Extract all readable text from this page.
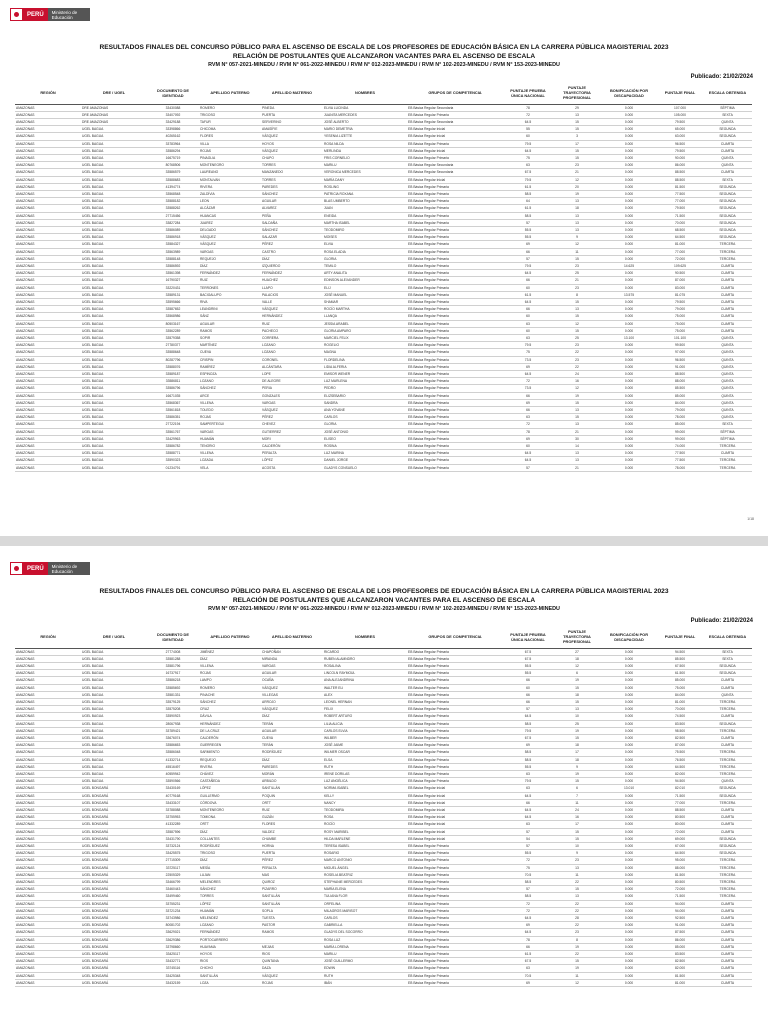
PERÚ	Ministerio de Educación
RESULTADOS FINALES DEL CONCURSO PÚBLICO PARA EL ASCENSO DE ESCALA DE LOS PROFESORES DE EDUCACIÓN BÁSICA EN LA CARRERA PÚBLICA MAGISTERIAL 2023
RELACIÓN DE POSTULANTES QUE ALCANZARON VACANTES PARA EL ASCENSO DE ESCALA
RVM N° 057-2021-MINEDU / RVM N° 061-2022-MINEDU / RVM N° 012-2023-MINEDU / RVM N° 102-2023-MINEDU / RVM N° 153-2023-MINEDU
Publicado: 21/02/2024
REGIÓN	DRE / UGEL	DOCUMENTO DE IDENTIDAD	APELLIDO PATERNO	APELLIDO MATERNO	NOMBRES	GRUPOS DE COMPETENCIA	PUNTAJE PRUEBA ÚNICA NACIONAL	PUNTAJE TRAYECTORIA PROFESIONAL	BONIFICACIÓN POR DISCAPACIDAD	PUNTAJE FINAL	ESCALA OBTENIDA
AMAZONAS	DRE AMAZONAS	33430088	ROMERO	PINEDA	ELVIA LUCINDA	EB Básica Regular Secundaria	78	29	0.000	107.000	SÉPTIMA
AMAZONAS	DRE AMAZONAS	33407092	TRIGOSO	PUERTA	JUANITA MERCEDES	EB Básica Regular Primaria	72	13	0.000	105.000	SEXTA
AMAZONAS	DRE AMAZONAS	33429188	TAFUR	SERVERINO	JOSÉ ALBERTO	EB Básica Regular Secundaria	64.5	15	0.000	79.500	QUINTA
AMAZONAS	UGEL BAGUA	33398866	CHICOMA	AMASÍFIE	MARIO DEMETRIA	EB Básica Regular Inicial	55	15	0.000	65.000	SEGUNDA
AMAZONAS	UGEL BAGUA	40265162	FLORES	VÁSQUEZ	YESENIA LIZETTE	EB Básica Regular Inicial	60	3	0.000	63.000	SEGUNDA
AMAZONAS	UGEL BAGUA	33783964	VILLA	HOYOS	ROSA NILDA	EB Básica Regular Primaria	79.5	17	0.000	96.500	CUARTA
AMAZONAS	UGEL BAGUA	33586294	ROJAS	VÁSQUEZ	MERLINDA	EB Básica Regular Inicial	64.5	15	0.000	79.500	CUARTA
AMAZONAS	UGEL BAGUA	16675719	PINAGLIA	CHUPO	FRIS CORNELIO	EB Básica Regular Primaria	75	15	0.000	90.000	QUINTA
AMAZONAS	UGEL BAGUA	80768506	MONTENEGRO	TORRES	MARILU	EB Básica Regular Secundaria	63	23	0.000	86.000	QUINTA
AMAZONAS	UGEL BAGUA	33586579	LAUREANO	MANZANEDO	VERONICA MERCEDES	EB Básica Regular Secundaria	67.5	21	0.000	88.500	CUARTA
AMAZONAS	UGEL BAGUA	33588683	MONTALVAN	TORRES	MARÍA DANY	EB Básica Regular Inicial	79.5	12	0.000	88.500	SEXTA
AMAZONAS	UGEL BAGUA	41394774	RIVERA	PAREDES	ROSLING	EB Básica Regular Primaria	61.5	20	0.000	81.500	SEGUNDA
AMAZONAS	UGEL BAGUA	33568548	ZALDÍVIA	SÁNCHEZ	PATRICIA ROXANA	EB Básica Regular Primaria	58.5	19	0.000	77.500	SEGUNDA
AMAZONAS	UGEL BAGUA	33588182	LEON	AGUILAR	BLAS UMBERTO	EB Básica Regular Primaria	64	13	0.000	77.000	SEGUNDA
AMAZONAS	UGEL BAGUA	33588262	ALCÁZAR	ALVAREZ	JUAN	EB Básica Regular Primaria	61.5	18	0.000	79.500	SEGUNDA
AMAZONAS	UGEL BAGUA	27715456	HUANCAS	PEÑA	ENEIDA	EB Básica Regular Primaria	58.5	13	0.000	71.500	SEGUNDA
AMAZONAS	UGEL BAGUA	33827284	JUAREZ	SALDAÑA	MARTHA ISABEL	EB Básica Regular Primaria	57	13	0.000	70.000	SEGUNDA
AMAZONAS	UGEL BAGUA	33586089	DELGADO	SÁNCHEZ	TEODOMIRO	EB Básica Regular Primaria	55.5	13	0.000	68.500	SEGUNDA
AMAZONAS	UGEL BAGUA	33586918	VÁSQUEZ	SALAZAR	MOISES	EB Básica Regular Primaria	55.5	9	0.000	64.500	SEGUNDA
AMAZONAS	UGEL BAGUA	33584327	VÁSQUEZ	PÉREZ	ELVIA	EB Básica Regular Primaria	69	12	0.000	81.000	TERCERA
AMAZONAS	UGEL BAGUA	33563989	VARGAS	CASTRO	ROSA ELADIA	EB Básica Regular Primaria	66	11	0.000	77.000	TERCERA
AMAZONAS	UGEL BAGUA	33588148	REQUEJO	DÍAZ	GLORIA	EB Básica Regular Primaria	57	15	0.000	72.000	TERCERA
AMAZONAS	UGEL BAGUA	33586592	DÍAZ	IZQUIERDO	TEMILO	EB Básica Regular Primaria	79.5	23	14.625	109.625	CUARTA
AMAZONAS	UGEL BAGUA	33561398	FERNÁNDEZ	FERNÁNDEZ	ARTY ANALITA	EB Básica Regular Primaria	64.5	25	0.000	90.500	CUARTA
AMAZONAS	UGEL BAGUA	16790327	RUIZ	HUACHEZ	EDINSON ALEXANDER	EB Básica Regular Primaria	66	21	0.000	87.000	CUARTA
AMAZONAS	UGEL BAGUA	33220431	TERRONES	LLAPO	ELIJ	EB Básica Regular Primaria	60	23	0.000	83.000	CUARTA
AMAZONAS	UGEL BAGUA	33589131	BACIGALUPO	PALACIOS	JOSÉ MANUEL	EB Básica Regular Primaria	61.5	8	13.575	81.075	CUARTA
AMAZONAS	UGEL BAGUA	33595666	RIVA	VALLE	SHAMAR	EB Básica Regular Primaria	64.5	15	0.000	79.500	CUARTA
AMAZONAS	UGEL BAGUA	33587652	LEANDRINI	VÁSQUEZ	ROCÍO MARTHA	EB Básica Regular Primaria	66	13	0.000	79.000	CUARTA
AMAZONAS	UGEL BAGUA	33568986	SÁNZ	HERNÁNDEZ	LLANQA	EB Básica Regular Primaria	60	15	0.000	75.000	CUARTA
AMAZONAS	UGEL BAGUA	80503167	AGUILAR	RUIZ	JESSIA ARABEL	EB Básica Regular Primaria	63	12	0.000	75.000	CUARTA
AMAZONAS	UGEL BAGUA	33562289	RAMOS	PACHECO	GLORIA AMPARO	EB Básica Regular Primaria	60	15	0.000	75.000	CUARTA
AMAZONAS	UGEL BAGUA	33579358	SOPIR	CORRERA	MARCIEL FELIX	EB Básica Regular Primaria	63	25	13.100	101.100	QUINTA
AMAZONAS	UGEL BAGUA	27780377	MARTÍNEZ	LOZANO	ROGELIO	EB Básica Regular Primaria	79.5	23	0.000	99.500	QUINTA
AMAZONAS	UGEL BAGUA	33588648	CUEVA	LOZANO	MAGNA	EB Básica Regular Primaria	75	22	0.000	97.000	QUINTA
AMAZONAS	UGEL BAGUA	80287796	CRISPIN	CORONEL	FLORDELINA	EB Básica Regular Primaria	73.5	23	0.000	96.500	QUINTA
AMAZONAS	UGEL BAGUA	33588076	RAMÍREZ	ALCÁNTARA	LIDIA ALFERIA	EB Básica Regular Primaria	69	22	0.000	91.000	QUINTA
AMAZONAS	UGEL BAGUA	33589187	ESPINOZA	LOPE	EMISOR WENER	EB Básica Regular Primaria	64.5	24	0.000	88.500	QUINTA
AMAZONAS	UGEL BAGUA	33586811	LOZANO	DE ALEGRE	LUZ MARLENA	EB Básica Regular Primaria	72	16	0.000	88.000	QUINTA
AMAZONAS	UGEL BAGUA	33586796	SÁNCHEZ	PERIA	PEDRO	EB Básica Regular Primaria	73.5	12	0.000	85.500	QUINTA
AMAZONAS	UGEL BAGUA	16671035	ARCE	GONZALES	ELIZSEBARIO	EB Básica Regular Primaria	66	19	0.000	85.000	QUINTA
AMAZONAS	UGEL BAGUA	33568367	VILLENA	VARGAS	SANDRA	EB Básica Regular Primaria	69	15	0.000	84.000	QUINTA
AMAZONAS	UGEL BAGUA	33561818	TOLEDO	VÁSQUEZ	ANA YOVANE	EB Básica Regular Primaria	66	13	0.000	79.000	QUINTA
AMAZONAS	UGEL BAGUA	33586351	ROJAS	PÉREZ	CARLOS	EB Básica Regular Primaria	63	15	0.000	78.000	QUINTA
AMAZONAS	UGEL BAGUA	27722194	SAMPERTEGUI	CHEVEZ	GLORIA	EB Básica Regular Primaria	72	13	0.000	85.000	SEXTA
AMAZONAS	UGEL BAGUA	33561767	VARGAS	GUTIERREZ	JOSÉ ANTONIO	EB Básica Regular Primaria	78	21	0.000	99.000	SÉPTIMA
AMAZONAS	UGEL BAGUA	33429963	HUAMÁN	MORI	ELISEO	EB Básica Regular Primaria	69	30	0.000	99.000	SÉPTIMA
AMAZONAS	UGEL BAGUA	33586782	TENORIO	CALDERÓN	ROSINA	EB Básica Regular Primaria	60	14	0.000	74.000	TERCERA
AMAZONAS	UGEL BAGUA	33588771	VILLENA	PERALTA	LUZ MARINA	EB Básica Regular Primaria	64.5	13	0.000	77.500	CUARTA
AMAZONAS	UGEL BAGUA	33590323	LOZADA	LÓPEZ	DANIEL JORGE	EB Básica Regular Primaria	64.5	13	0.000	77.500	TERCERA
AMAZONAS	UGEL BAGUA	01234791	VELA	ACOSTA	GLADYS CONSUELO	EB Básica Regular Primaria	57	21	0.000	78.000	TERCERA
1/18
PERÚ	Ministerio de Educación
RESULTADOS FINALES DEL CONCURSO PÚBLICO PARA EL ASCENSO DE ESCALA DE LOS PROFESORES DE EDUCACIÓN BÁSICA EN LA CARRERA PÚBLICA MAGISTERIAL 2023
RELACIÓN DE POSTULANTES QUE ALCANZARON VACANTES PARA EL ASCENSO DE ESCALA
RVM N° 057-2021-MINEDU / RVM N° 061-2022-MINEDU / RVM N° 012-2023-MINEDU / RVM N° 102-2023-MINEDU / RVM N° 153-2023-MINEDU
Publicado: 21/02/2024
REGIÓN	DRE / UGEL	DOCUMENTO DE IDENTIDAD	APELLIDO PATERNO	APELLIDO MATERNO	NOMBRES	GRUPOS DE COMPETENCIA	PUNTAJE PRUEBA ÚNICA NACIONAL	PUNTAJE TRAYECTORIA PROFESIONAL	BONIFICACIÓN POR DISCAPACIDAD	PUNTAJE FINAL	ESCALA OBTENIDA
AMAZONAS	UGEL BAGUA	27774008	JIMÉNEZ	CHAPOÑAN	RICARDO	EB Básica Regular Primaria	67.5	27	0.000	94.500	SEXTA
AMAZONAS	UGEL BAGUA	33581288	DÍAZ	MIRANDA	RUBEN ALAMNDRO	EB Básica Regular Primaria	67.5	18	0.000	85.500	SEXTA
AMAZONAS	UGEL BAGUA	33581796	VILLENA	VARGAS	ROSALINA	EB Básica Regular Primaria	55.5	12	0.000	67.500	SEGUNDA
AMAZONAS	UGEL BAGUA	16737917	ROJAS	AGUILAR	LINCOLN RAYMOUL	EB Básica Regular Primaria	55.5	6	0.000	61.500	SEGUNDA
AMAZONAS	UGEL BAGUA	33586218	LAMPO	OCAÑA	ANA ALEJANDRINA	EB Básica Regular Primaria	66	19	0.000	85.000	CUARTA
AMAZONAS	UGEL BAGUA	33585692	ROMERO	VÁSQUEZ	WALTER ELI	EB Básica Regular Primaria	60	15	0.000	75.000	CUARTA
AMAZONAS	UGEL BAGUA	33581331	PINACHE	VILLEGAS	ALEX	EB Básica Regular Primaria	66	18	0.000	84.000	QUINTA
AMAZONAS	UGEL BAGUA	33579125	SÁNCHEZ	ARROJO	LEONEL HERNAN	EB Básica Regular Primaria	66	15	0.000	81.000	TERCERA
AMAZONAS	UGEL BAGUA	33575208	CRUZ	VÁSQUEZ	FELIX	EB Básica Regular Primaria	57	13	0.000	70.000	TERCERA
AMAZONAS	UGEL BAGUA	33590923	DÁVILA	DÍAZ	ROBERT ARTURO	EB Básica Regular Primaria	64.5	10	0.000	74.500	CUARTA
AMAZONAS	UGEL BAGUA	28067938	HERNÁNDEZ	TERÁN	LILIA ALICIA	EB Básica Regular Primaria	58.5	25	0.000	83.500	SEGUNDA
AMAZONAS	UGEL BAGUA	33789421	DE LA CRUZ	AGUILAR	CARLOS ELVIA	EB Básica Regular Primaria	79.5	19	0.000	98.500	TERCERA
AMAZONAS	UGEL BAGUA	33676074	CALDERÓN	CUEVA	WILBER	EB Básica Regular Primaria	67.5	15	0.000	82.500	CUARTA
AMAZONAS	UGEL BAGUA	33586653	GUERREGEN	TERÁN	JOSÉ JAIME	EB Básica Regular Primaria	69	18	0.000	87.000	CUARTA
AMAZONAS	UGEL BAGUA	33586048	SARMIENTO	RODRÍGUEZ	WILMER OSCAR	EB Básica Regular Primaria	58.5	17	0.000	75.500	TERCERA
AMAZONAS	UGEL BAGUA	41332714	REQUEJO	DÍAZ	ELSA	EB Básica Regular Primaria	58.5	18	0.000	76.500	TERCERA
AMAZONAS	UGEL BAGUA	45516497	RIVERA	PAREDES	RUTH	EB Básica Regular Primaria	55.5	9	0.000	64.500	TERCERA
AMAZONAS	UGEL BAGUA	40559942	CHÁVEZ	MORÁN	IRENE DORILAS	EB Básica Regular Primaria	63	19	0.000	82.000	TERCERA
AMAZONAS	UGEL BAGUA	33590566	CASTAÑEDA	ARBILDO	LUZ ANGÉLICA	EB Básica Regular Primaria	79.5	15	0.000	94.500	QUINTA
AMAZONAS	UGEL BONGARÁ	33430169	LÓPEZ	SANTILLÁN	NORMA ISABEL	EB Básica Regular Inicial	63	6	13.010	82.010	SEGUNDA
AMAZONAS	UGEL BONGARÁ	40779168	GUILLERMO	POQUIN	KELLY	EB Básica Regular Inicial	64.5	7	0.000	71.500	SEGUNDA
AMAZONAS	UGEL BONGARÁ	33433107	CÓRDOVA	ORTT	NANCY	EB Básica Regular Inicial	66	11	0.000	77.000	TERCERA
AMAZONAS	UGEL BONGARÁ	33788088	MONTENEGRO	RUIZ	TEODOMIRA	EB Básica Regular Inicial	64.5	24	0.000	88.500	CUARTA
AMAZONAS	UGEL BONGARÁ	33755953	TOMIONA	GUZÁN	ROSA	EB Básica Regular Inicial	64.5	16	0.000	80.500	CUARTA
AMAZONAS	UGEL BONGARÁ	41332289	ORTT	FLORES	ROCÍO	EB Básica Regular Inicial	63	17	0.000	80.000	CUARTA
AMAZONAS	UGEL BONGARÁ	33587596	DÍAZ	VALDEZ	ROSY MARIBEL	EB Básica Regular Inicial	57	15	0.000	72.000	CUARTA
AMAZONAS	UGEL BONGARÁ	33431790	COLLANTES	CHUMBE	HILDA MARLENE	EB Básica Regular Inicial	54	15	0.000	69.000	SEGUNDA
AMAZONAS	UGEL BONGARÁ	33732124	RODRÍGUEZ	HORNA	TERESA ISABEL	EB Básica Regular Primaria	57	10	0.000	67.000	SEGUNDA
AMAZONAS	UGEL BONGARÁ	33425575	TRIGOSO	PUERTA	ROSARIO	EB Básica Regular Primaria	55.5	9	0.000	64.500	SEGUNDA
AMAZONAS	UGEL BONGARÁ	27715309	DÍAZ	PÉREZ	MARCO ANTONIO	EB Básica Regular Primaria	72	23	0.000	95.000	TERCERA
AMAZONAS	UGEL BONGARÁ	33725117	MESÍA	PERALTA	MIGUEL ÁNGEL	EB Básica Regular Primaria	75	13	0.000	88.000	TERCERA
AMAZONAS	UGEL BONGARÁ	22505329	LUJAN	MAS	ROSELIA BEATRIZ	EB Básica Regular Primaria	70.5	11	0.000	81.500	TERCERA
AMAZONAS	UGEL BONGARÁ	33466799	MELENDRES	QUIROZ	STEPHANIE MERCEDES	EB Básica Regular Primaria	58.5	22	0.000	80.500	TERCERA
AMAZONAS	UGEL BONGARÁ	33460443	SÁNCHEZ	PIZARRO	MARÍA ELENA	EB Básica Regular Primaria	57	15	0.000	72.000	TERCERA
AMAZONAS	UGEL BONGARÁ	33499460	TORRES	SANTILLÁN	TULIANA FLOR	EB Básica Regular Primaria	58.5	13	0.000	71.500	TERCERA
AMAZONAS	UGEL BONGARÁ	33755231	LÓPEZ	SANTILLÁN	ORFELINA	EB Básica Regular Primaria	72	22	0.000	94.000	CUARTA
AMAZONAS	UGEL BONGARÁ	33721234	HUAMÁN	SOPLA	MILAGROS MARISOT	EB Básica Regular Primaria	72	22	0.000	94.000	CUARTA
AMAZONAS	UGEL BONGARÁ	33743986	MELENDEZ	TUESTA	CARLOS	EB Básica Regular Primaria	64.5	28	0.000	92.500	CUARTA
AMAZONAS	UGEL BONGARÁ	80081702	LOZANO	PASTOR	GABRIELLA	EB Básica Regular Primaria	69	22	0.000	91.000	CUARTA
AMAZONAS	UGEL BONGARÁ	33629021	FERNÁNDEZ	RAMOS	GLADYS DEL SOCORRO	EB Básica Regular Primaria	64.5	23	0.000	87.500	CUARTA
AMAZONAS	UGEL BONGARÁ	33629386	PORTOCARRERO		ROSA LUZ	EB Básica Regular Primaria	78	8	0.000	86.000	CUARTA
AMAZONAS	UGEL BONGARÁ	33798660	HUAYAMA	MEJIAS	MARÍA LORENA	EB Básica Regular Primaria	66	19	0.000	85.000	CUARTA
AMAZONAS	UGEL BONGARÁ	33425117	HOYOS	RIOS	MARILU	EB Básica Regular Primaria	61.5	22	0.000	83.500	CUARTA
AMAZONAS	UGEL BONGARÁ	33432771	RIOS	QUINTANA	JOSÉ GUILLERMO	EB Básica Regular Primaria	67.5	15	0.000	82.500	CUARTA
AMAZONAS	UGEL BONGARÁ	33745116	CHICHO	DAZA	EDWIN	EB Básica Regular Primaria	63	19	0.000	82.000	CUARTA
AMAZONAS	UGEL BONGARÁ	33425348	SANTILLÁN	VÁSQUEZ	RUTH	EB Básica Regular Primaria	70.5	11	0.000	81.500	CUARTA
AMAZONAS	UGEL BONGARÁ	33432159	LOZA	ROJAS	IBÁN	EB Básica Regular Primaria	69	12	0.000	81.000	CUARTA
